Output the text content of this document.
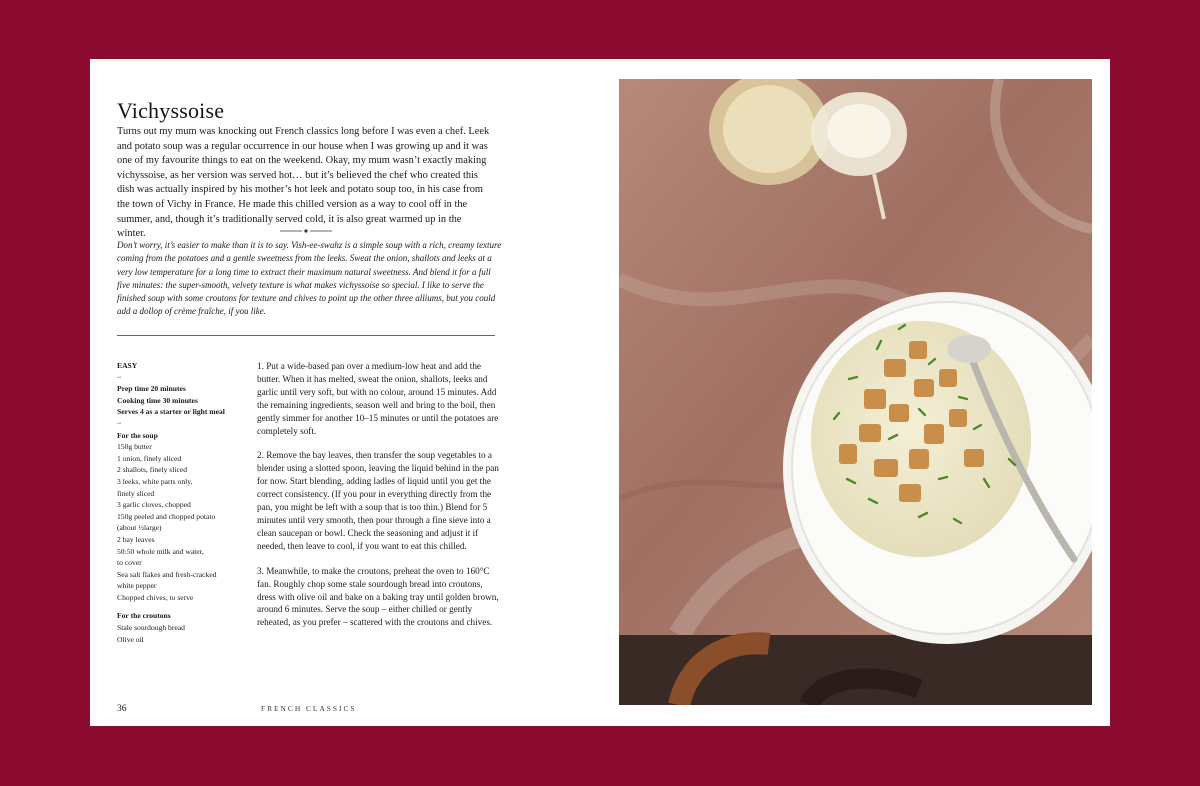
Vichyssoise

Turns out my mum was knocking out French classics long before I was even a chef. Leek and potato soup was a regular occurrence in our house when I was growing up and it was one of my favourite things to eat on the weekend. Okay, my mum wasn’t exactly making vichyssoise, as her version was served hot… but it’s believed the chef who created this dish was actually inspired by his mother’s hot leek and potato soup too, in his case from the town of Vichy in France. He made this chilled version as a way to cool off in the summer, and, though it’s traditionally served cold, it is also great warmed up in the winter.

Don’t worry, it’s easier to make than it is to say. Vish-ee-swahz is a simple soup with a rich, creamy texture coming from the potatoes and a gentle sweetness from the leeks. Sweat the onion, shallots and leeks at a very low temperature for a long time to extract their maximum natural sweetness. And blend it for a full five minutes: the super-smooth, velvety texture is what makes vichyssoise so special. I like to serve the finished soup with some croutons for texture and chives to point up the other three alliums, but you could add a dollop of crème fraîche, if you like.

EASY
~
Prep time 20 minutes
Cooking time 30 minutes
Serves 4 as a starter or light meal
~
For the soup
150g butter
1 onion, finely sliced
2 shallots, finely sliced
3 leeks, white parts only,
finely sliced
3 garlic cloves, chopped
150g peeled and chopped potato
(about ½large)
2 bay leaves
50:50 whole milk and water,
to cover
Sea salt flakes and fresh-cracked
white pepper
Chopped chives, to serve
For the croutons
Stale sourdough bread
Olive oil

1. Put a wide-based pan over a medium-low heat and add the butter. When it has melted, sweat the onion, shallots, leeks and garlic until very soft, but with no colour, around 15 minutes. Add the remaining ingredients, season well and bring to the boil, then gently simmer for another 10–15 minutes or until the potatoes are completely soft.

2. Remove the bay leaves, then transfer the soup vegetables to a blender using a slotted spoon, leaving the liquid behind in the pan for now. Start blending, adding ladles of liquid until you get the correct consistency. (If you pour in everything directly from the pan, you might be left with a soup that is too thin.) Blend for 5 minutes until very smooth, then pour through a fine sieve into a clean saucepan or bowl. Check the seasoning and adjust it if needed, then leave to cool, if you want to eat this chilled.

3. Meanwhile, to make the croutons, preheat the oven to 160°C fan. Roughly chop some stale sourdough bread into croutons, dress with olive oil and bake on a baking tray until golden brown, around 6 minutes. Serve the soup – either chilled or gently reheated, as you prefer – scattered with the croutons and chives.

36	FRENCH CLASSICS
